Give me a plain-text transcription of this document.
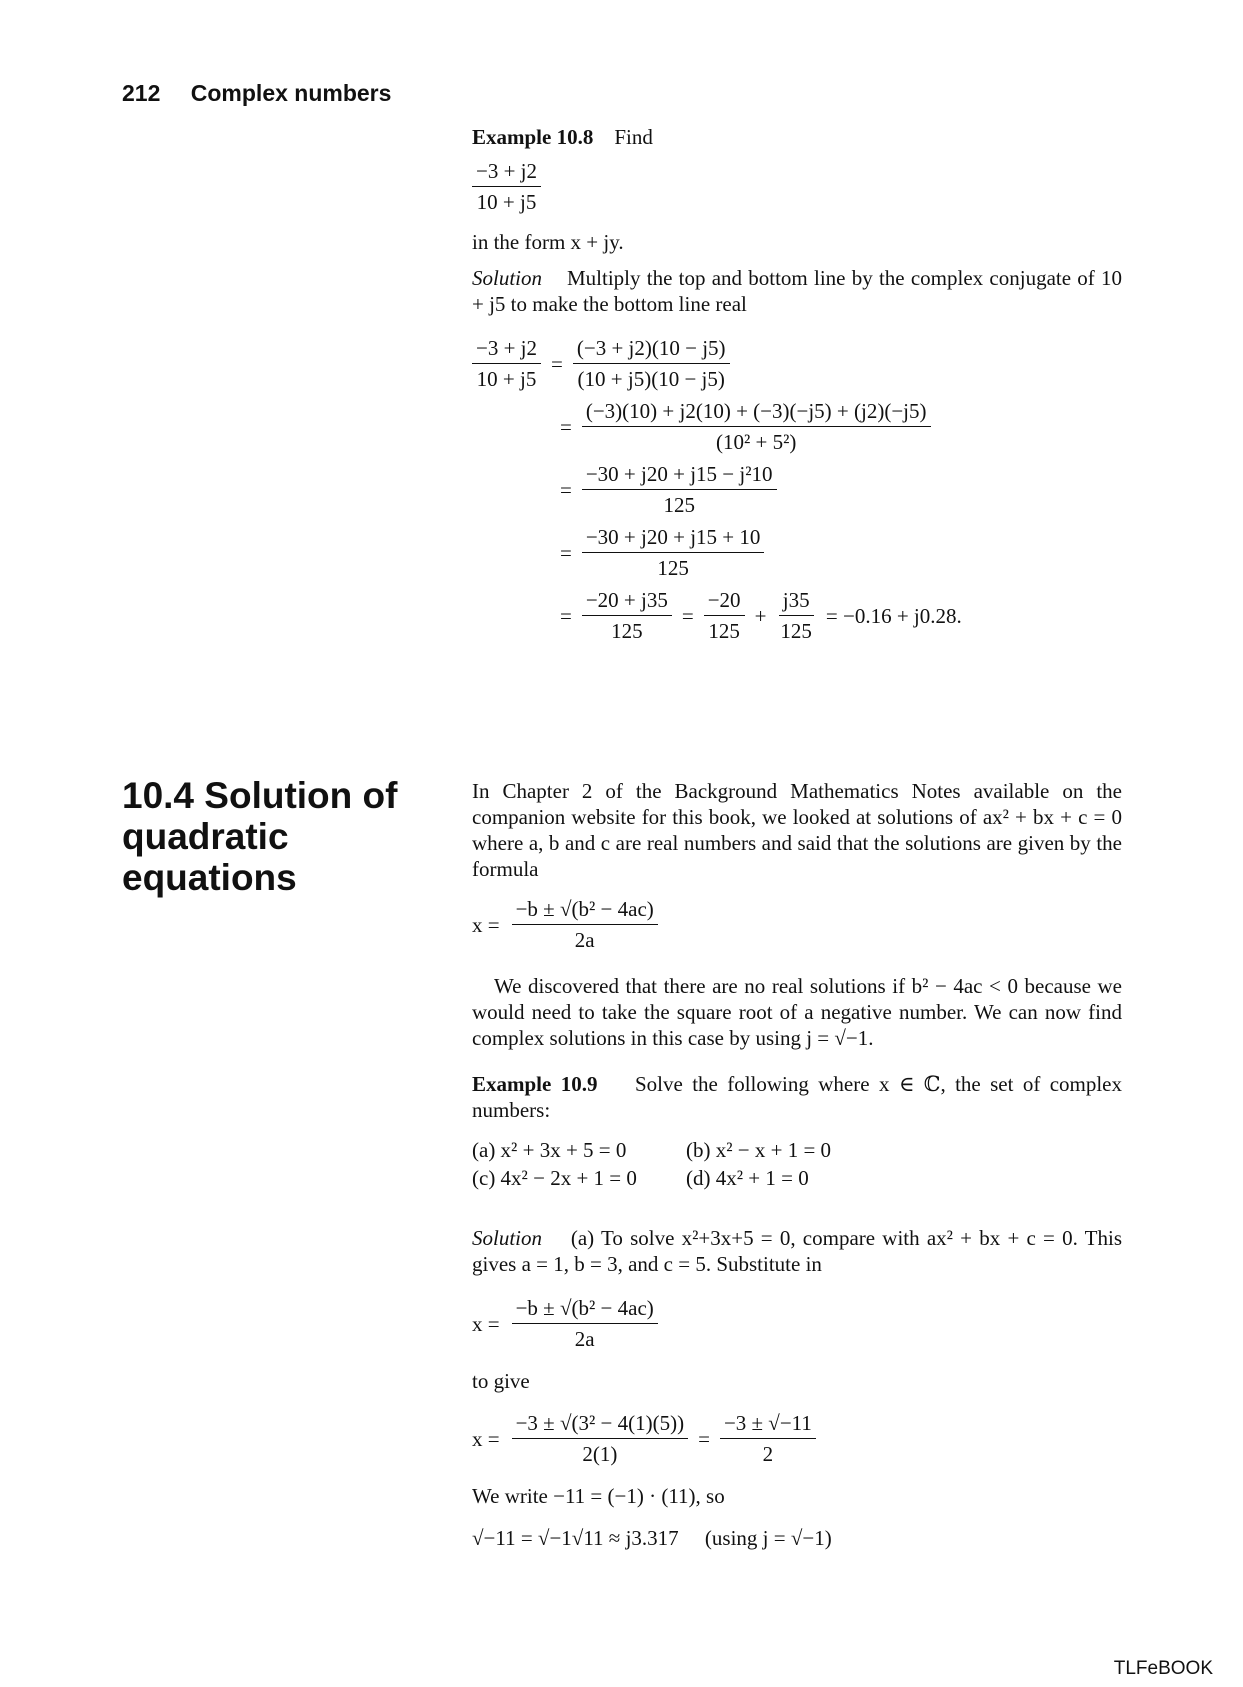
212 Complex numbers
Example 10.8 Find
$\frac{-3 + j2}{10 + j5}$

in the form x + jy.

Solution Multiply the top and bottom line by the complex conjugate of 10 + j5 to make the bottom line real

$\frac{-3 + j2}{10 + j5} = \frac{(-3 + j2)(10 - j5)}{(10 + j5)(10 - j5)}$
= $\frac{(-3)(10) + j2(10) + (-3)(-j5) + (j2)(-j5)}{\text{(10² + 5²)}}$
= $\frac{\text{−30 + j20 + j15 − j²10}}{125}$
= $\frac{-30 + j20 + j15 + 10}{125}$
= $\frac{-20 + j35}{125} = \frac{-20}{125} + \frac{j35}{125} = -0.16 + j0.28$.
10.4 Solution of quadratic equations

In Chapter 2 of the Background Mathematics Notes available on the companion website for this book, we looked at solutions of ax² + bx + c = 0 where a, b and c are real numbers and said that the solutions are given by the formula

$x = \frac{\text{−b ± √(b² − 4ac)}}{2a}$

We discovered that there are no real solutions if b² − 4ac < 0 because we would need to take the square root of a negative number. We can now find complex solutions in this case by using j = √−1.

Example 10.9 Solve the following where x ∈ ℂ, the set of complex numbers:

(a) x² + 3x + 5 = 0	(b) x² − x + 1 = 0
(c) 4x² − 2x + 1 = 0	(d) 4x² + 1 = 0

Solution (a) To solve x²+3x+5 = 0, compare with ax² + bx + c = 0. This gives a = 1, b = 3, and c = 5. Substitute in

$x = \frac{\text{−b ± √(b² − 4ac)}}{2a}$

to give

$x = \frac{\text{−3 ± √(3² − 4(1)(5))}}{2(1)} = \frac{-3 \pm √-11}{2}$

We write −11 = (−1) · (11), so

√−11 = √−1√11 ≈ j3.317 (using j = √−1)
TLFeBOOK
